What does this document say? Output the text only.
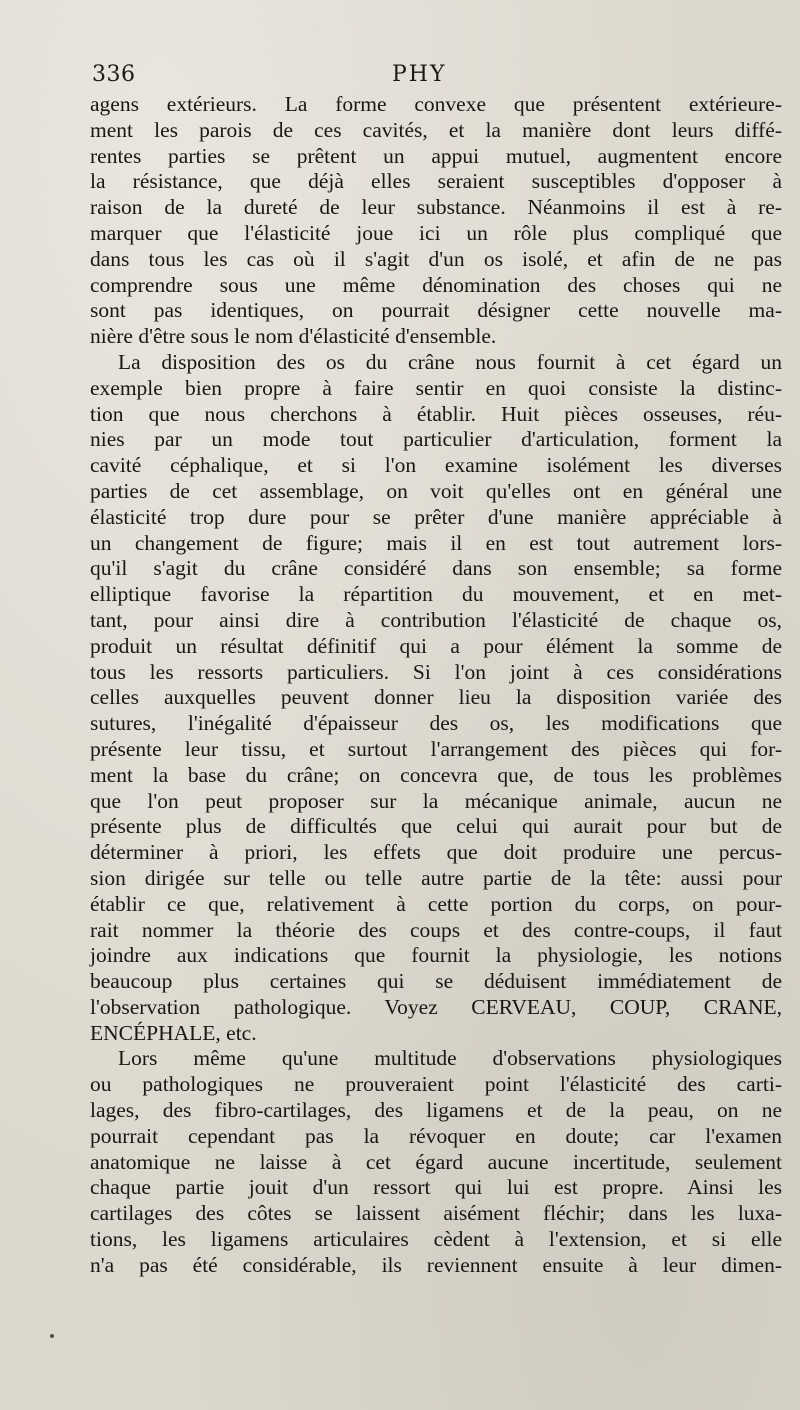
336	PHY
agens extérieurs. La forme convexe que présentent extérieure-
ment les parois de ces cavités, et la manière dont leurs diffé-
rentes parties se prêtent un appui mutuel, augmentent encore
la résistance, que déjà elles seraient susceptibles d'opposer à
raison de la dureté de leur substance. Néanmoins il est à re-
marquer que l'élasticité joue ici un rôle plus compliqué que
dans tous les cas où il s'agit d'un os isolé, et afin de ne pas
comprendre sous une même dénomination des choses qui ne
sont pas identiques, on pourrait désigner cette nouvelle ma-
nière d'être sous le nom d'élasticité d'ensemble.
La disposition des os du crâne nous fournit à cet égard un
exemple bien propre à faire sentir en quoi consiste la distinc-
tion que nous cherchons à établir. Huit pièces osseuses, réu-
nies par un mode tout particulier d'articulation, forment la
cavité céphalique, et si l'on examine isolément les diverses
parties de cet assemblage, on voit qu'elles ont en général une
élasticité trop dure pour se prêter d'une manière appréciable à
un changement de figure; mais il en est tout autrement lors-
qu'il s'agit du crâne considéré dans son ensemble; sa forme
elliptique favorise la répartition du mouvement, et en met-
tant, pour ainsi dire à contribution l'élasticité de chaque os,
produit un résultat définitif qui a pour élément la somme de
tous les ressorts particuliers. Si l'on joint à ces considérations
celles auxquelles peuvent donner lieu la disposition variée des
sutures, l'inégalité d'épaisseur des os, les modifications que
présente leur tissu, et surtout l'arrangement des pièces qui for-
ment la base du crâne; on concevra que, de tous les problèmes
que l'on peut proposer sur la mécanique animale, aucun ne
présente plus de difficultés que celui qui aurait pour but de
déterminer à priori, les effets que doit produire une percus-
sion dirigée sur telle ou telle autre partie de la tête: aussi pour
établir ce que, relativement à cette portion du corps, on pour-
rait nommer la théorie des coups et des contre-coups, il faut
joindre aux indications que fournit la physiologie, les notions
beaucoup plus certaines qui se déduisent immédiatement de
l'observation pathologique. Voyez CERVEAU, COUP, CRANE,
ENCÉPHALE, etc.
Lors même qu'une multitude d'observations physiologiques
ou pathologiques ne prouveraient point l'élasticité des carti-
lages, des fibro-cartilages, des ligamens et de la peau, on ne
pourrait cependant pas la révoquer en doute; car l'examen
anatomique ne laisse à cet égard aucune incertitude, seulement
chaque partie jouit d'un ressort qui lui est propre. Ainsi les
cartilages des côtes se laissent aisément fléchir; dans les luxa-
tions, les ligamens articulaires cèdent à l'extension, et si elle
n'a pas été considérable, ils reviennent ensuite à leur dimen-
